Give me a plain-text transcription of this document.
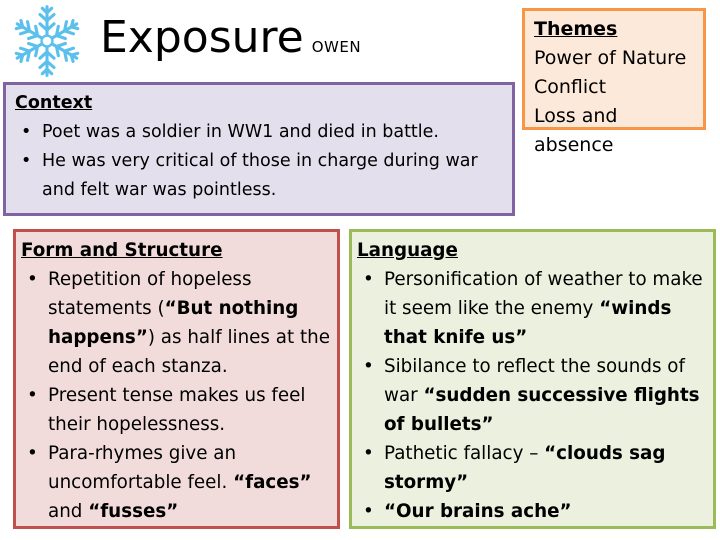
Exposure OWEN
Themes
Power of Nature
Conflict
Loss and absence
Context
• Poet was a soldier in WW1 and died in battle.
• He was very critical of those in charge during war and felt war was pointless.
Form and Structure
• Repetition of hopeless statements (“But nothing happens”) as half lines at the end of each stanza.
• Present tense makes us feel their hopelessness.
• Para-rhymes give an uncomfortable feel. “faces” and “fusses”
Language
• Personification of weather to make it seem like the enemy “winds that knife us”
• Sibilance to reflect the sounds of war “sudden successive flights of bullets”
• Pathetic fallacy – “clouds sag stormy”
• “Our brains ache”
